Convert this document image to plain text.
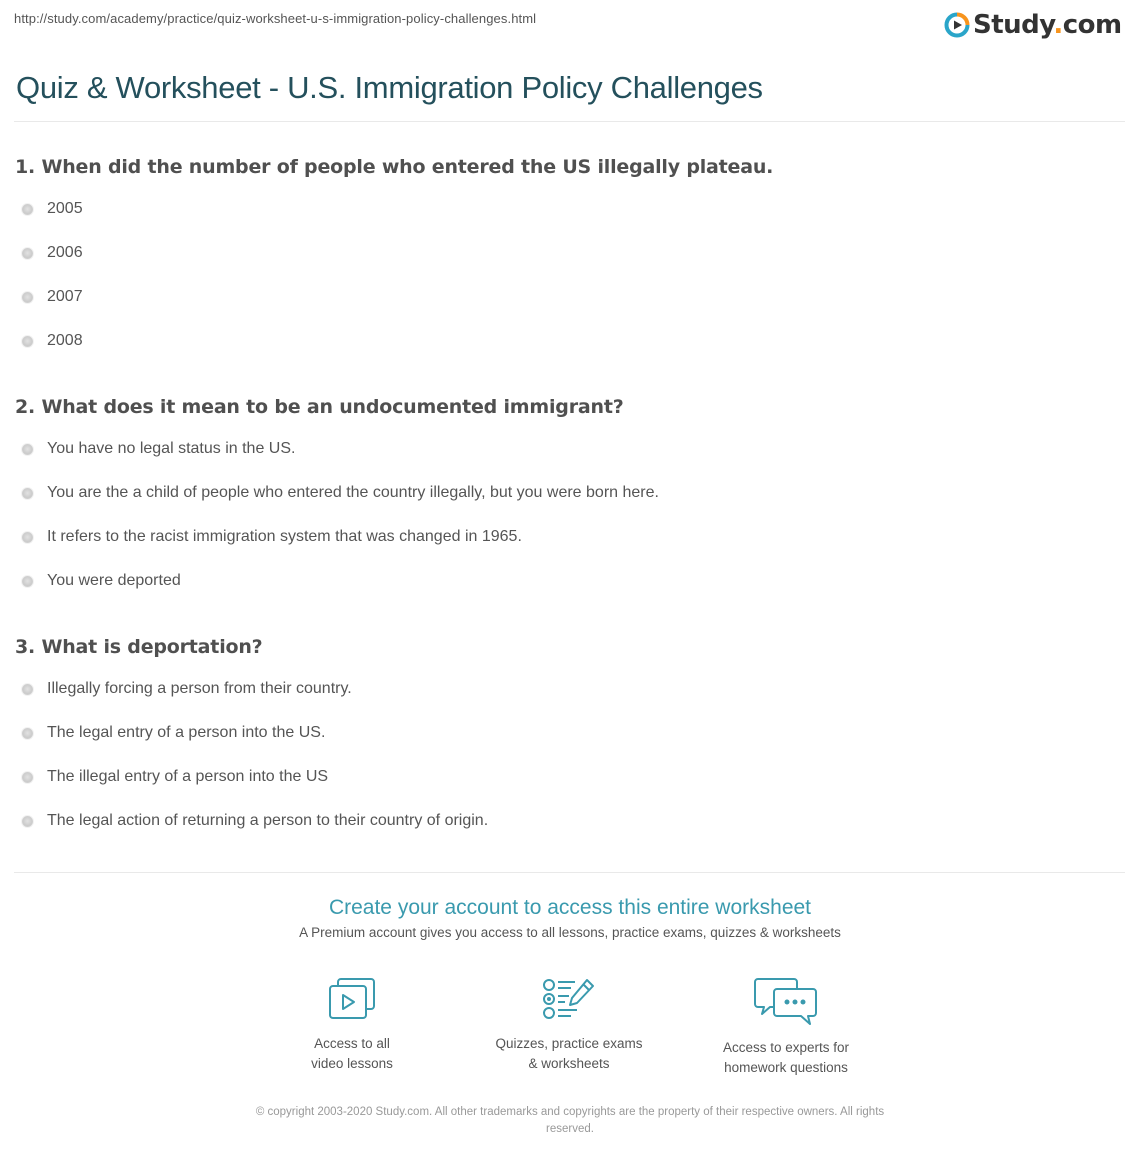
http://study.com/academy/practice/quiz-worksheet-u-s-immigration-policy-challenges.html	Study.com
Quiz & Worksheet - U.S. Immigration Policy Challenges
1. When did the number of people who entered the US illegally plateau.
2005
2006
2007
2008
2. What does it mean to be an undocumented immigrant?
You have no legal status in the US.
You are the a child of people who entered the country illegally, but you were born here.
It refers to the racist immigration system that was changed in 1965.
You were deported
3. What is deportation?
Illegally forcing a person from their country.
The legal entry of a person into the US.
The illegal entry of a person into the US
The legal action of returning a person to their country of origin.
Create your account to access this entire worksheet
A Premium account gives you access to all lessons, practice exams, quizzes & worksheets
Access to all
video lessons
Quizzes, practice exams
& worksheets
Access to experts for
homework questions
© copyright 2003-2020 Study.com. All other trademarks and copyrights are the property of their respective owners. All rights
reserved.
